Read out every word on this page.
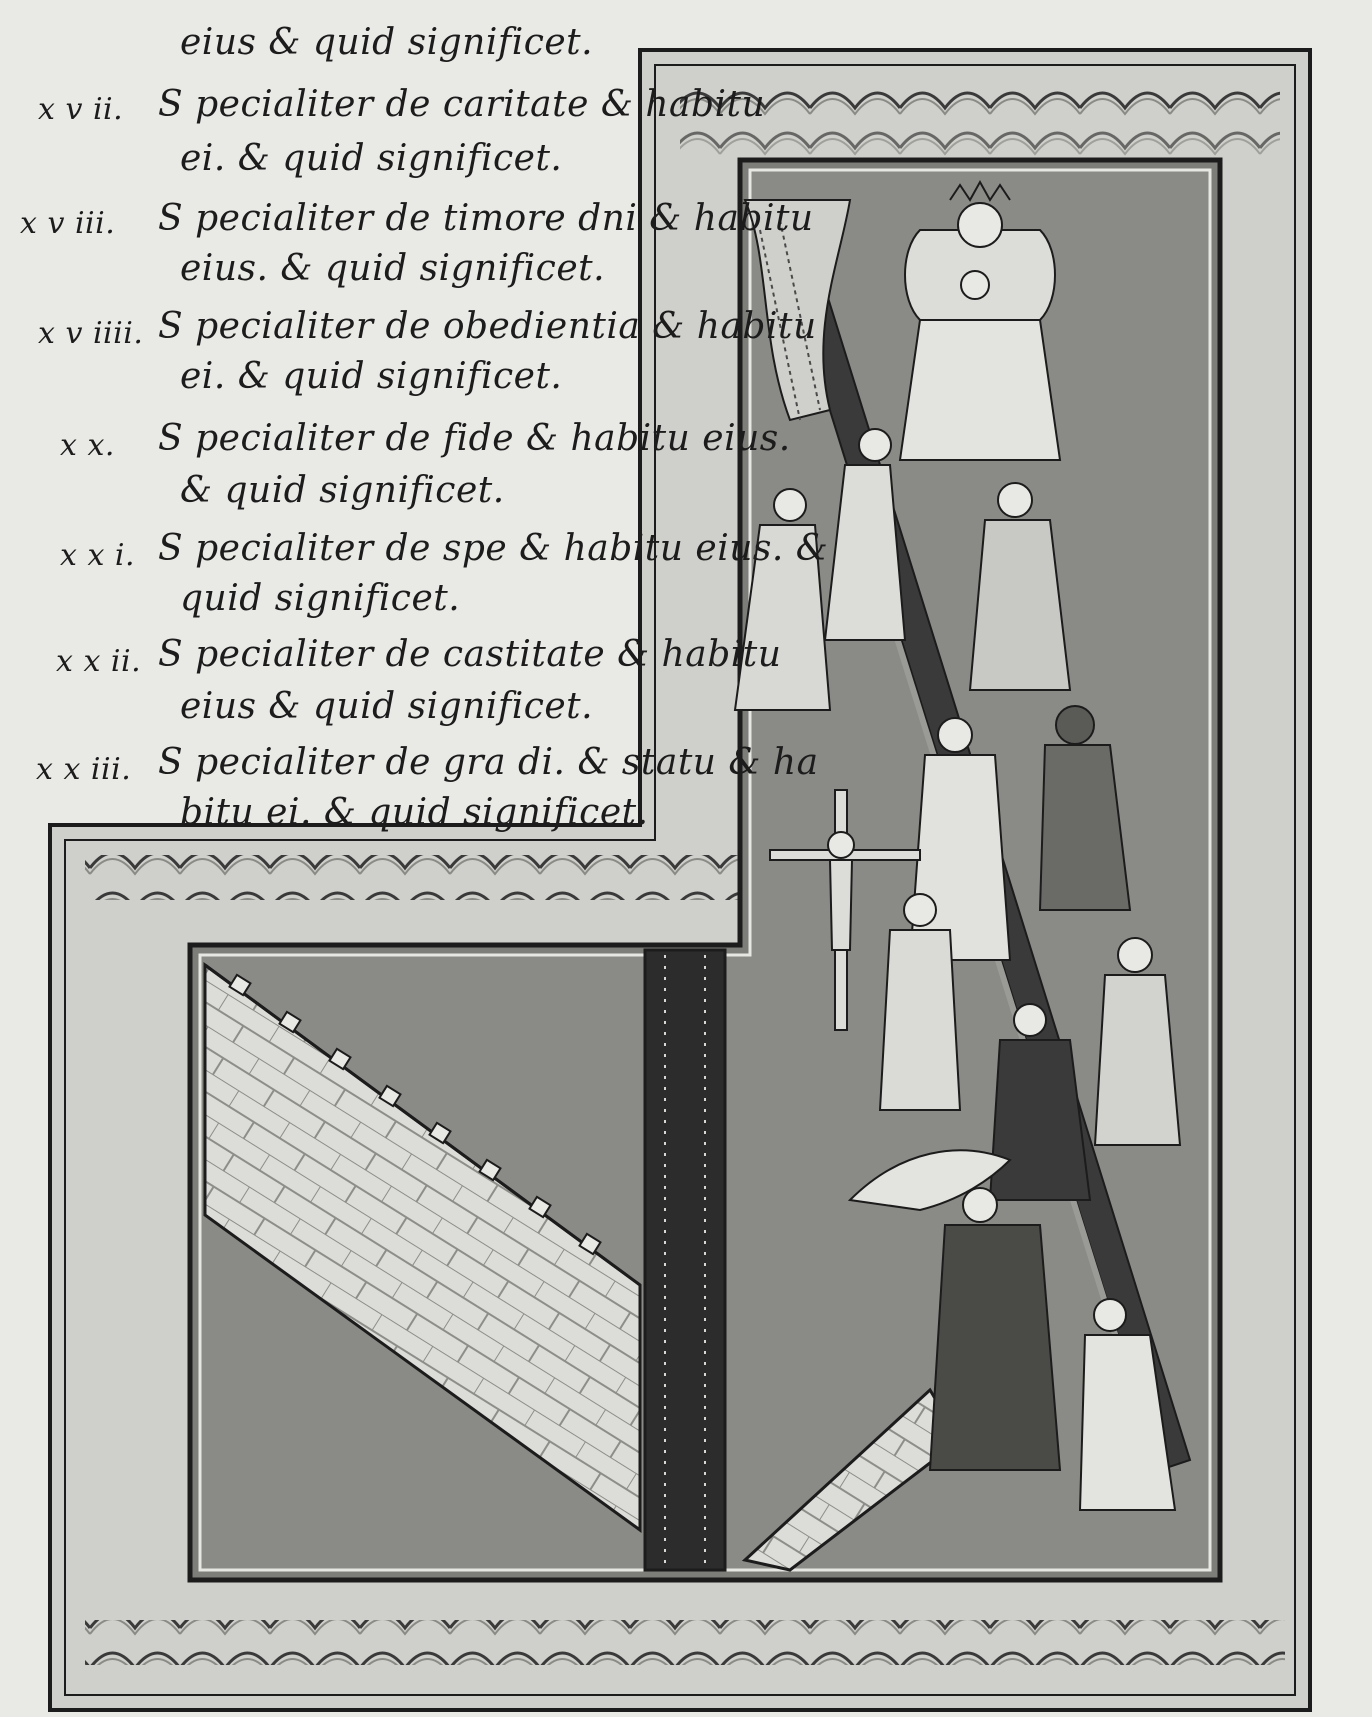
eius & quid significet.
x v ii. S pecialiter de caritate & habitu
ei. & quid significet.
x v iii. S pecialiter de timore dni & habitu
eius. & quid significet.
x v iiii. S pecialiter de obedientia & habitu
ei. & quid significet.
x x. S pecialiter de fide & habitu eius.
& quid significet.
x x i. S pecialiter de spe & habitu eius. &
quid significet.
x x ii. S pecialiter de castitate & habitu
eius & quid significet.
x x iii. S pecialiter de gra di. & statu & ha
bitu ei. & quid significet.
